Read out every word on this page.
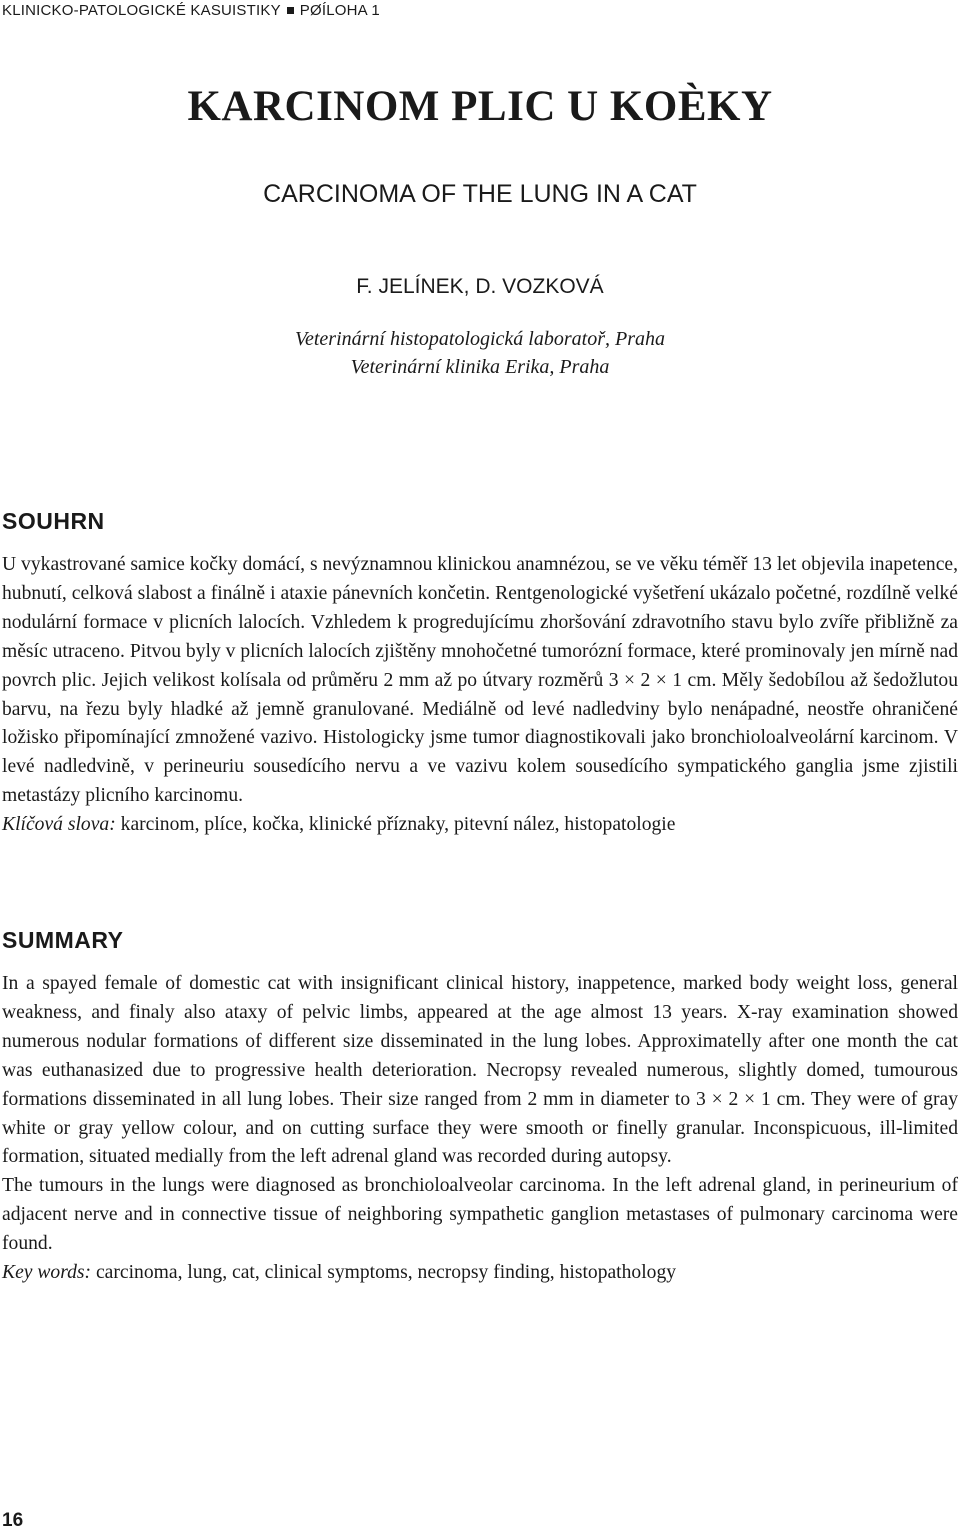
KLINICKO-PATOLOGICKÉ KASUISTIKY PØÍLOHA 1
KARCINOM PLIC U KOÈKY
CARCINOMA OF THE LUNG IN A CAT
F. JELÍNEK, D. VOZKOVÁ
Veterinární histopatologická laboratoř, Praha
Veterinární klinika Erika, Praha
SOUHRN

U vykastrované samice kočky domácí, s nevýznamnou klinickou anamnézou, se ve věku téměř 13 let objevila inapetence, hubnutí, celková slabost a finálně i ataxie pánevních končetin. Rentgenologické vyšetření ukázalo početné, rozdílně velké nodulární formace v plicních lalocích. Vzhledem k progredujícímu zhoršování zdravotního stavu bylo zvíře přibližně za měsíc utraceno. Pitvou byly v plicních lalocích zjištěny mnohočetné tumorózní formace, které prominovaly jen mírně nad povrch plic. Jejich velikost kolísala od průměru 2 mm až po útvary rozměrů 3 × 2 × 1 cm. Měly šedobílou až šedožlutou barvu, na řezu byly hladké až jemně granulované. Mediálně od levé nadledviny bylo nenápadné, neostře ohraničené ložisko připomínající zmnožené vazivo. Histologicky jsme tumor diagnostikovali jako bronchioloalveolární karcinom. V levé nadledvině, v perineuriu sousedícího nervu a ve vazivu kolem sousedícího sympatického ganglia jsme zjistili metastázy plicního karcinomu.

Klíčová slova: karcinom, plíce, kočka, klinické příznaky, pitevní nález, histopatologie

SUMMARY

In a spayed female of domestic cat with insignificant clinical history, inappetence, marked body weight loss, general weakness, and finaly also ataxy of pelvic limbs, appeared at the age almost 13 years. X-ray examination showed numerous nodular formations of different size disseminated in the lung lobes. Approximatelly after one month the cat was euthanasized due to progressive health deterioration. Necropsy revealed numerous, slightly domed, tumourous formations disseminated in all lung lobes. Their size ranged from 2 mm in diameter to 3 × 2 × 1 cm. They were of gray white or gray yellow colour, and on cutting surface they were smooth or finelly granular. Inconspicuous, ill-limited formation, situated medially from the left adrenal gland was recorded during autopsy.

The tumours in the lungs were diagnosed as bronchioloalveolar carcinoma. In the left adrenal gland, in perineurium of adjacent nerve and in connective tissue of neighboring sympathetic ganglion metastases of pulmonary carcinoma were found.

Key words: carcinoma, lung, cat, clinical symptoms, necropsy finding, histopathology

16
